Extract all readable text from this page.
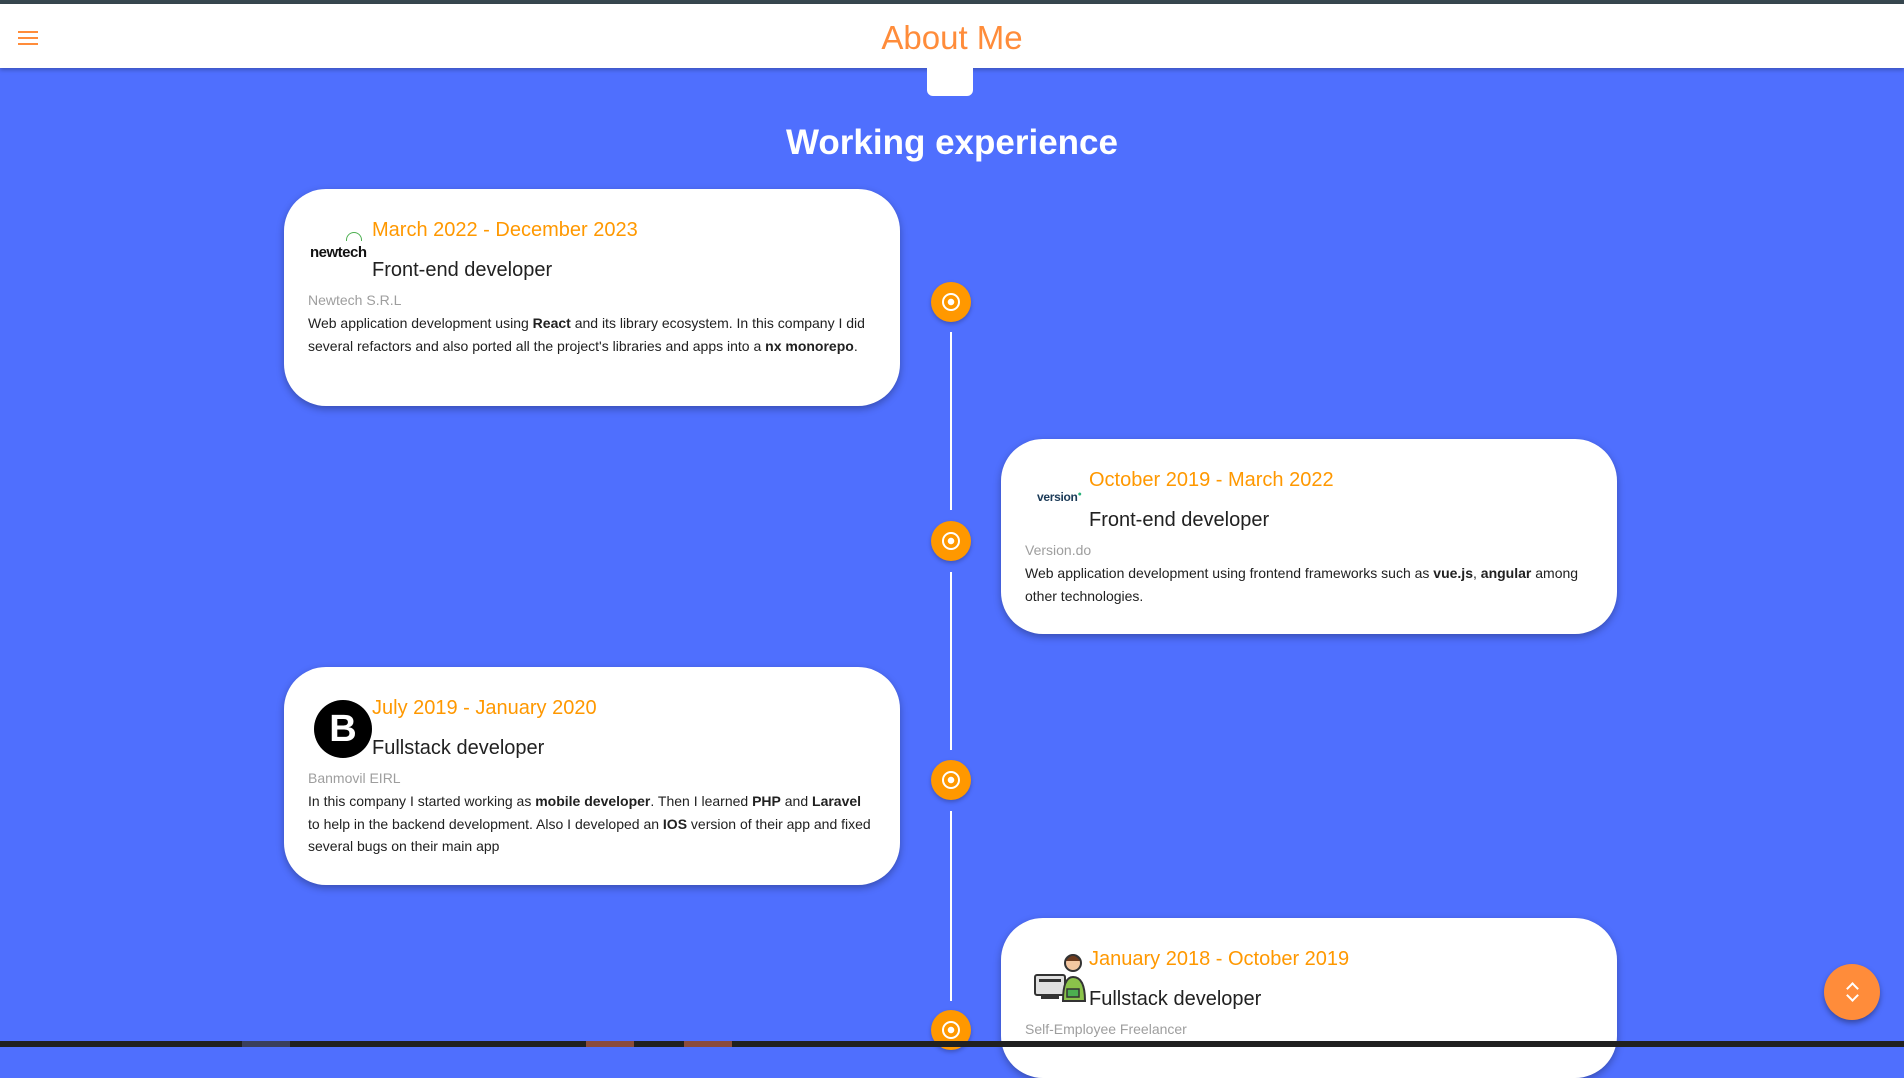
About Me
Working experience
newtech
March 2022 - December 2023
Front-end developer
Newtech S.R.L
Web application development using React and its library ecosystem. In this company I did several refactors and also ported all the project's libraries and apps into a nx monorepo.
version●
October 2019 - March 2022
Front-end developer
Version.do
Web application development using frontend frameworks such as vue.js, angular among other technologies.
B July 2019 - January 2020
Fullstack developer
Banmovil EIRL
In this company I started working as mobile developer. Then I learned PHP and Laravel to help in the backend development. Also I developed an IOS version of their app and fixed several bugs on their main app
January 2018 - October 2019
Fullstack developer
Self-Employee Freelancer
